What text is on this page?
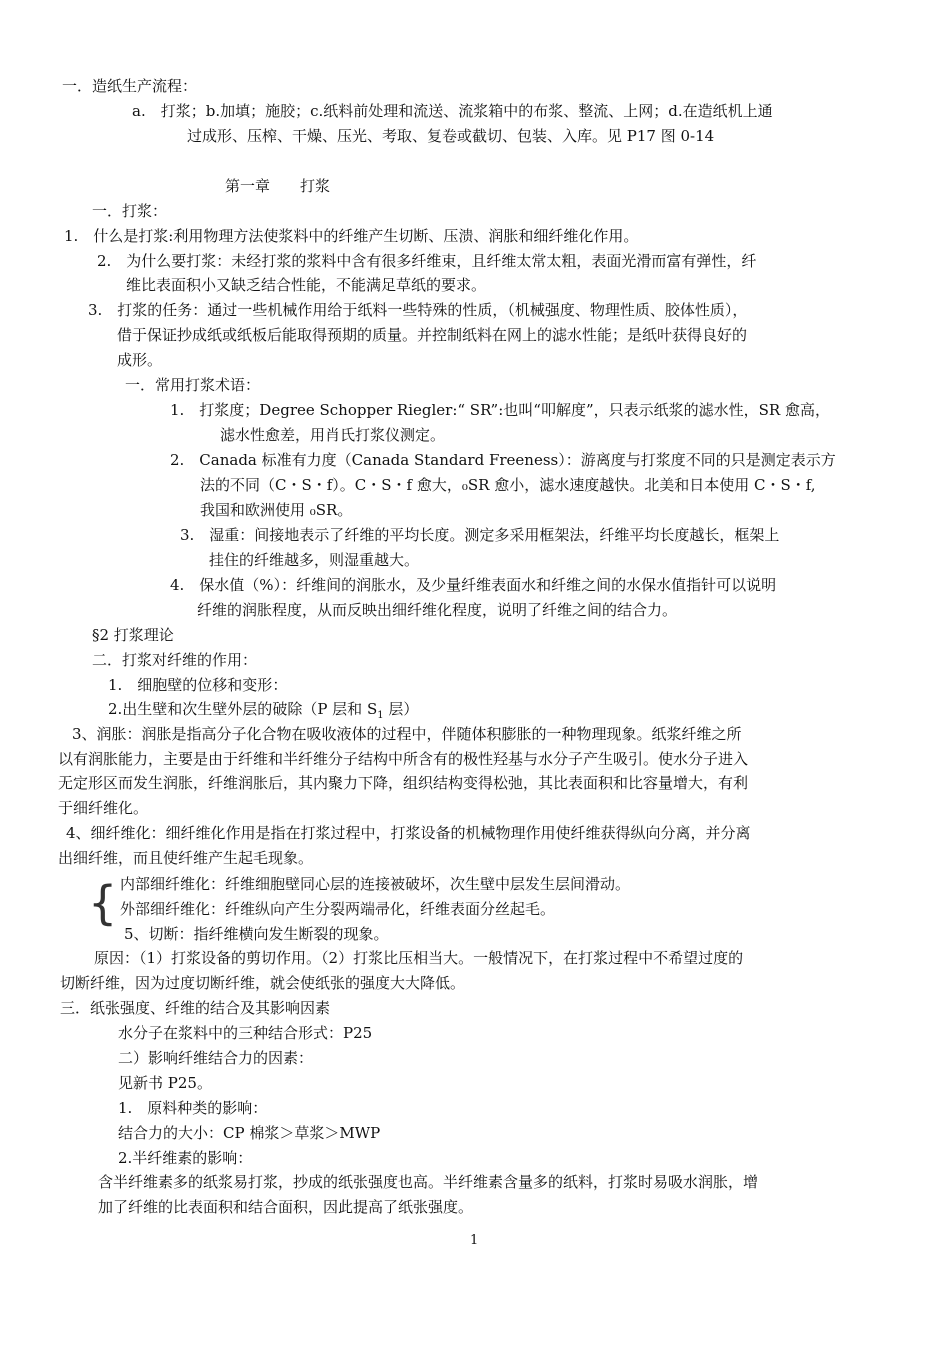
一．造纸生产流程：
a.　打浆；b.加填；施胶；c.纸料前处理和流送、流浆箱中的布浆、整流、上网；d.在造纸机上通
过成形、压榨、干燥、压光、考取、复卷或截切、包装、入库。见 P17 图 0-14
第一章　　打浆
一．打浆：
1.　什么是打浆:利用物理方法使浆料中的纤维产生切断、压溃、润胀和细纤维化作用。
2.　为什么要打浆：未经打浆的浆料中含有很多纤维束，且纤维太常太粗，表面光滑而富有弹性，纤
维比表面积小又缺乏结合性能，不能满足草纸的要求。
3.　打浆的任务：通过一些机械作用给于纸料一些特殊的性质，（机械强度、物理性质、胶体性质），
借于保证抄成纸或纸板后能取得预期的质量。并控制纸料在网上的滤水性能；是纸叶获得良好的
成形。
一．常用打浆术语：
1.　打浆度；Degree Schopper Riegler:“ SR”:也叫“叩解度”，只表示纸浆的滤水性，SR 愈高，
滤水性愈差，用肖氏打浆仪测定。
2.　Canada 标准有力度（Canada Standard Freeness）：游离度与打浆度不同的只是测定表示方
法的不同（C・S・f）。C・S・f 愈大，₀SR 愈小，滤水速度越快。北美和日本使用 C・S・f,
我国和欧洲使用 ₀SR。
3.　湿重：间接地表示了纤维的平均长度。测定多采用框架法，纤维平均长度越长，框架上
挂住的纤维越多，则湿重越大。
4.　保水值（%）：纤维间的润胀水，及少量纤维表面水和纤维之间的水保水值指针可以说明
纤维的润胀程度，从而反映出细纤维化程度，说明了纤维之间的结合力。
§2 打浆理论
二．打浆对纤维的作用：
1.　细胞壁的位移和变形：
3、润胀：润胀是指高分子化合物在吸收液体的过程中，伴随体积膨胀的一种物理现象。纸浆纤维之所
以有润胀能力，主要是由于纤维和半纤维分子结构中所含有的极性羟基与水分子产生吸引。使水分子进入
无定形区而发生润胀，纤维润胀后，其内聚力下降，组织结构变得松弛，其比表面积和比容量增大，有利
于细纤维化。
4、细纤维化：细纤维化作用是指在打浆过程中，打浆设备的机械物理作用使纤维获得纵向分离，并分离
出细纤维，而且使纤维产生起毛现象。
内部细纤维化：纤维细胞壁同心层的连接被破坏，次生壁中层发生层间滑动。
外部细纤维化：纤维纵向产生分裂两端帚化，纤维表面分丝起毛。
5、切断：指纤维横向发生断裂的现象。
原因：（1）打浆设备的剪切作用。（2）打浆比压相当大。一般情况下，在打浆过程中不希望过度的
切断纤维，因为过度切断纤维，就会使纸张的强度大大降低。
三．纸张强度、纤维的结合及其影响因素
水分子在浆料中的三种结合形式：P25
二）影响纤维结合力的因素：
见新书 P25。
1.　原料种类的影响：
结合力的大小：CP 棉浆＞草浆＞MWP
2.半纤维素的影响：
含半纤维素多的纸浆易打浆，抄成的纸张强度也高。半纤维素含量多的纸料，打浆时易吸水润胀，增
加了纤维的比表面积和结合面积，因此提高了纸张强度。
2.出生壁和次生壁外层的破除（P 层和 $S_1$ 层）
{
1
